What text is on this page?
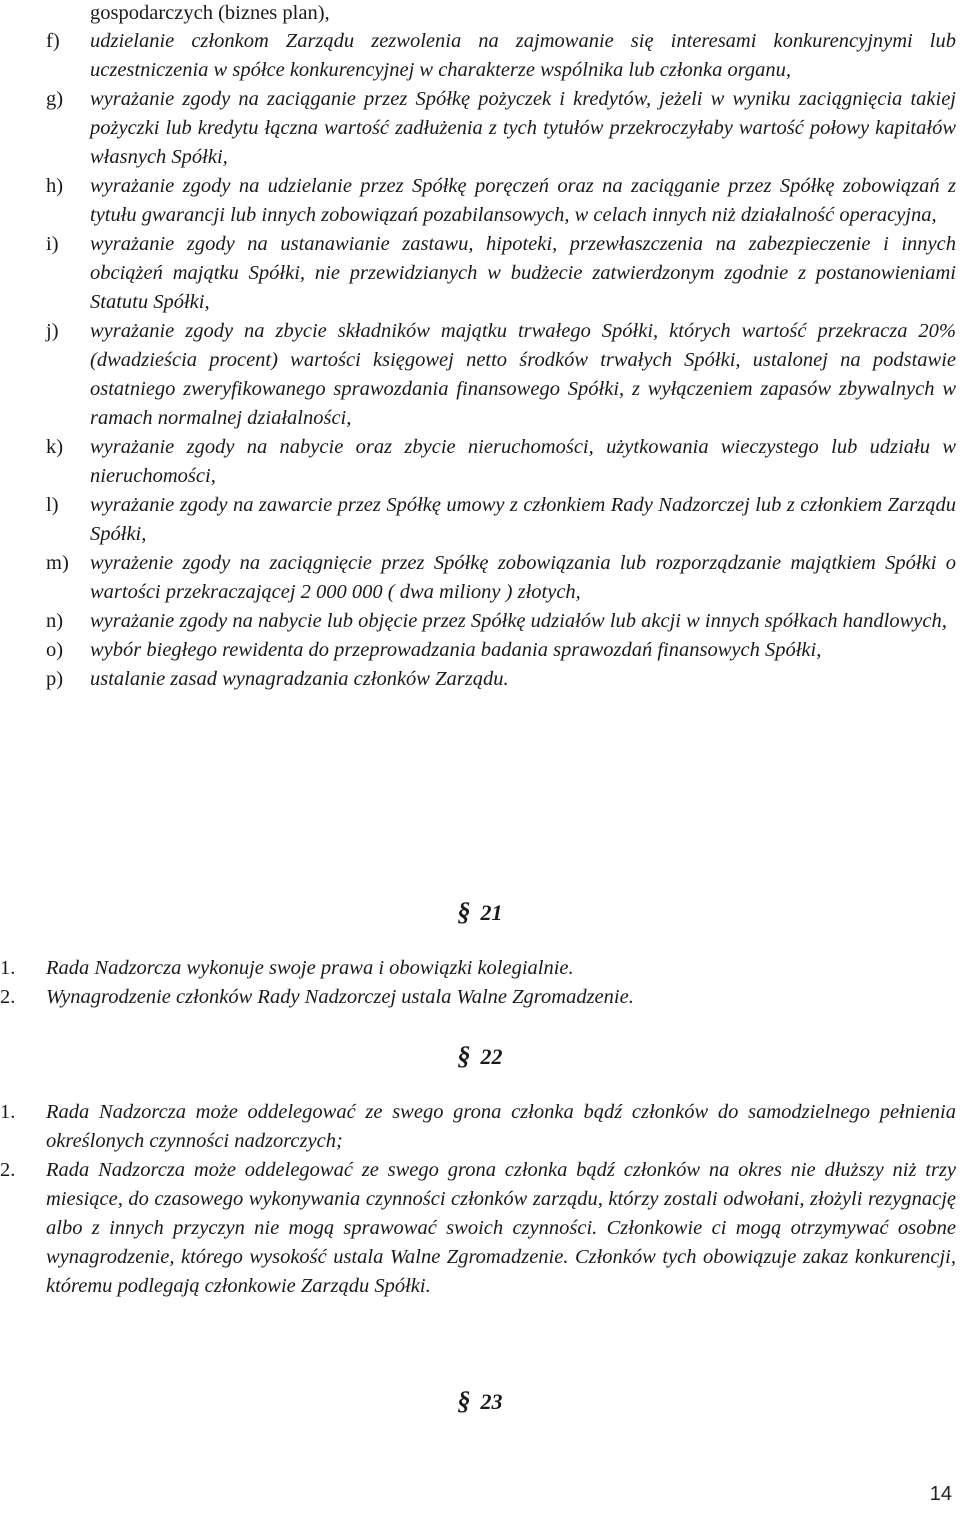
gospodarczych (biznes plan),
f)	udzielanie członkom Zarządu zezwolenia na zajmowanie się interesami konkurencyjnymi lub uczestniczenia w spółce konkurencyjnej w charakterze wspólnika lub członka organu,
g)	wyrażanie zgody na zaciąganie przez Spółkę pożyczek i kredytów, jeżeli w wyniku zaciągnięcia takiej pożyczki lub kredytu łączna wartość zadłużenia z tych tytułów przekroczyłaby wartość połowy kapitałów własnych Spółki,
h)	wyrażanie zgody na udzielanie przez Spółkę poręczeń oraz na zaciąganie przez Spółkę zobowiązań z tytułu gwarancji lub innych zobowiązań pozabilansowych, w celach innych niż działalność operacyjna,
i)	wyrażanie zgody na ustanawianie zastawu, hipoteki, przewłaszczenia na zabezpieczenie i innych obciążeń majątku Spółki, nie przewidzianych w budżecie zatwierdzonym zgodnie z postanowieniami Statutu Spółki,
j)	wyrażanie zgody na zbycie składników majątku trwałego Spółki, których wartość przekracza 20% (dwadzieścia procent) wartości księgowej netto środków trwałych Spółki, ustalonej na podstawie ostatniego zweryfikowanego sprawozdania finansowego Spółki, z wyłączeniem zapasów zbywalnych w ramach normalnej działalności,
k)	wyrażanie zgody na nabycie oraz zbycie nieruchomości, użytkowania wieczystego lub udziału w nieruchomości,
l)	wyrażanie zgody na zawarcie przez Spółkę umowy z członkiem Rady Nadzorczej lub z członkiem Zarządu Spółki,
m)	wyrażenie zgody na zaciągnięcie przez Spółkę zobowiązania lub rozporządzanie majątkiem Spółki o wartości przekraczającej 2 000 000 ( dwa miliony ) złotych,
n)	wyrażanie zgody na nabycie lub objęcie przez Spółkę udziałów lub akcji w innych spółkach handlowych,
o)	wybór biegłego rewidenta do przeprowadzania badania sprawozdań finansowych Spółki,
p)	ustalanie zasad wynagradzania członków Zarządu.
§ 21
1.	Rada Nadzorcza wykonuje swoje prawa i obowiązki kolegialnie.
2.	Wynagrodzenie członków Rady Nadzorczej ustala Walne Zgromadzenie.
§ 22
1.	Rada Nadzorcza może oddelegować ze swego grona członka bądź członków do samodzielnego pełnienia określonych czynności nadzorczych;
2.	Rada Nadzorcza może oddelegować ze swego grona członka bądź członków na okres nie dłuższy niż trzy miesiące, do czasowego wykonywania czynności członków zarządu, którzy zostali odwołani, złożyli rezygnację albo z innych przyczyn nie mogą sprawować swoich czynności. Członkowie ci mogą otrzymywać osobne wynagrodzenie, którego wysokość ustala Walne Zgromadzenie. Członków tych obowiązuje zakaz konkurencji, któremu podlegają członkowie Zarządu Spółki.
§ 23
14
